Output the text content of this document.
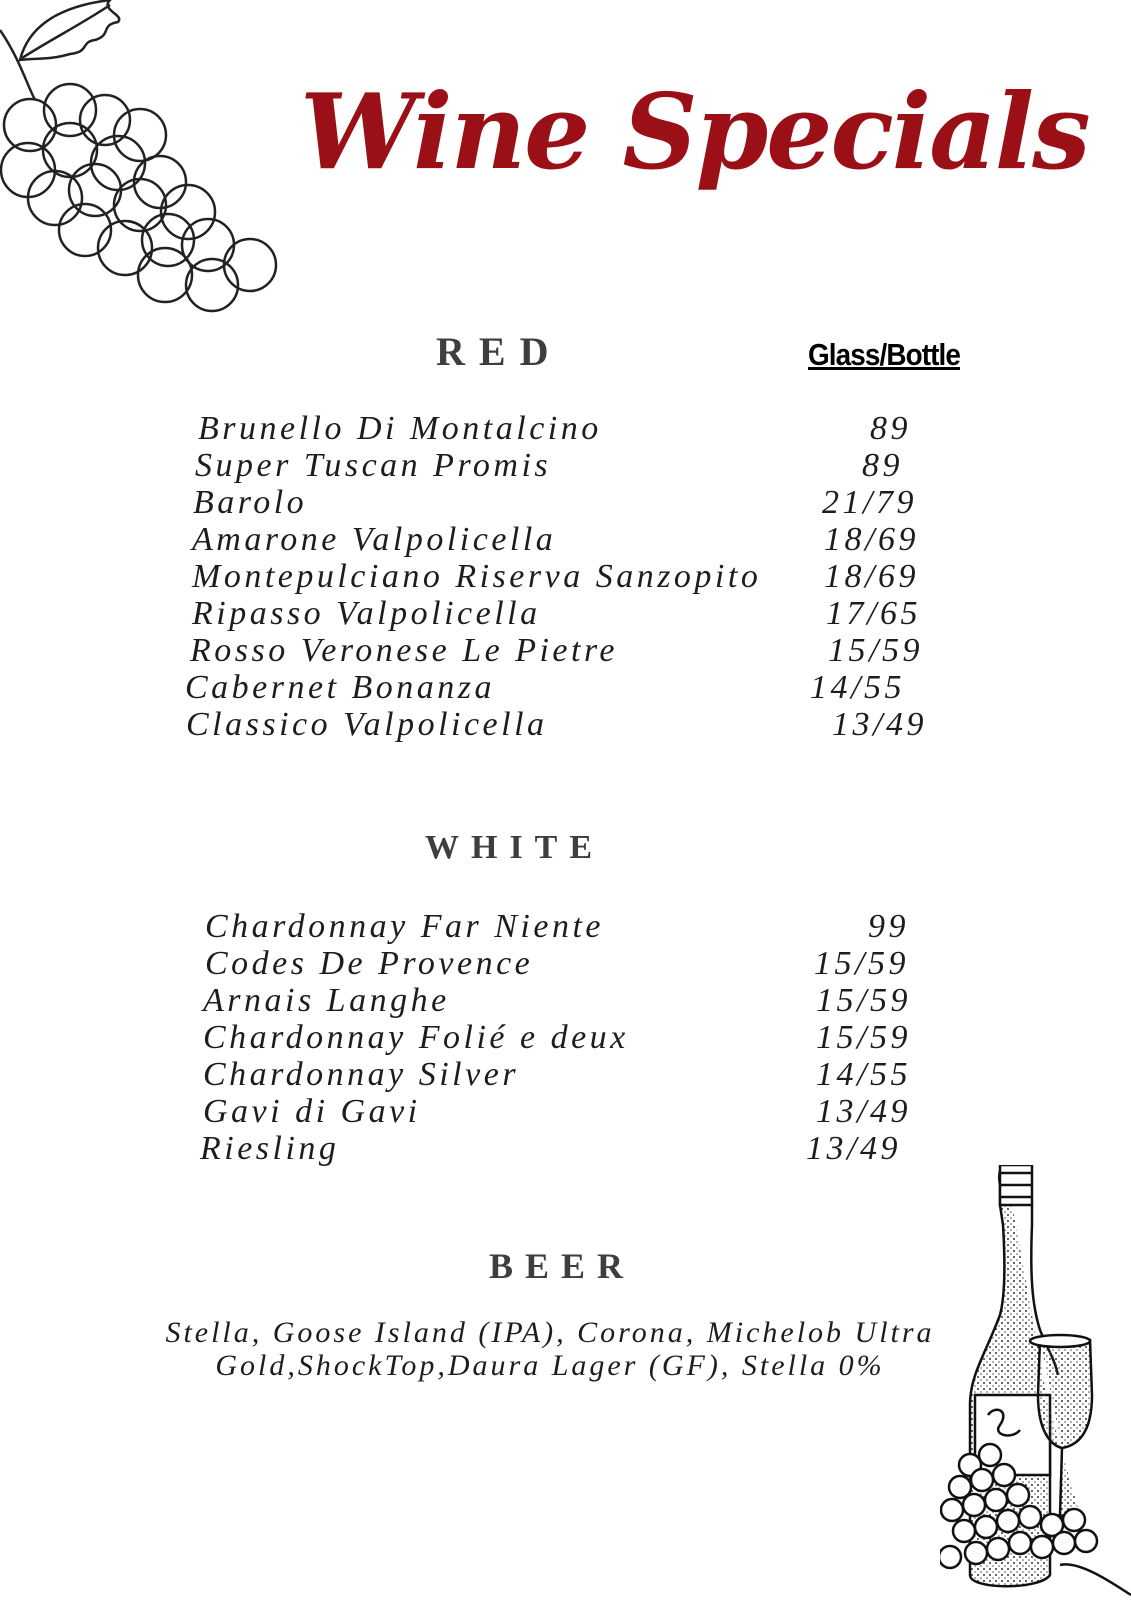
Wine Specials
RED	Glass/Bottle
Brunello Di Montalcino	89
Super Tuscan Promis	89
Barolo	21/79
Amarone Valpolicella	18/69
Montepulciano Riserva Sanzopito 18/69
Ripasso Valpolicella	17/65
Rosso Veronese Le Pietre	15/59
Cabernet Bonanza	14/55
Classico Valpolicella	13/49
WHITE
Chardonnay Far Niente	99
Codes De Provence	15/59
Arnais Langhe	15/59
Chardonnay Folié e deux	15/59
Chardonnay Silver	14/55
Gavi di Gavi	13/49
Riesling	13/49
BEER
Stella, Goose Island (IPA), Corona, Michelob Ultra
Gold,ShockTop,Daura Lager (GF), Stella 0%
